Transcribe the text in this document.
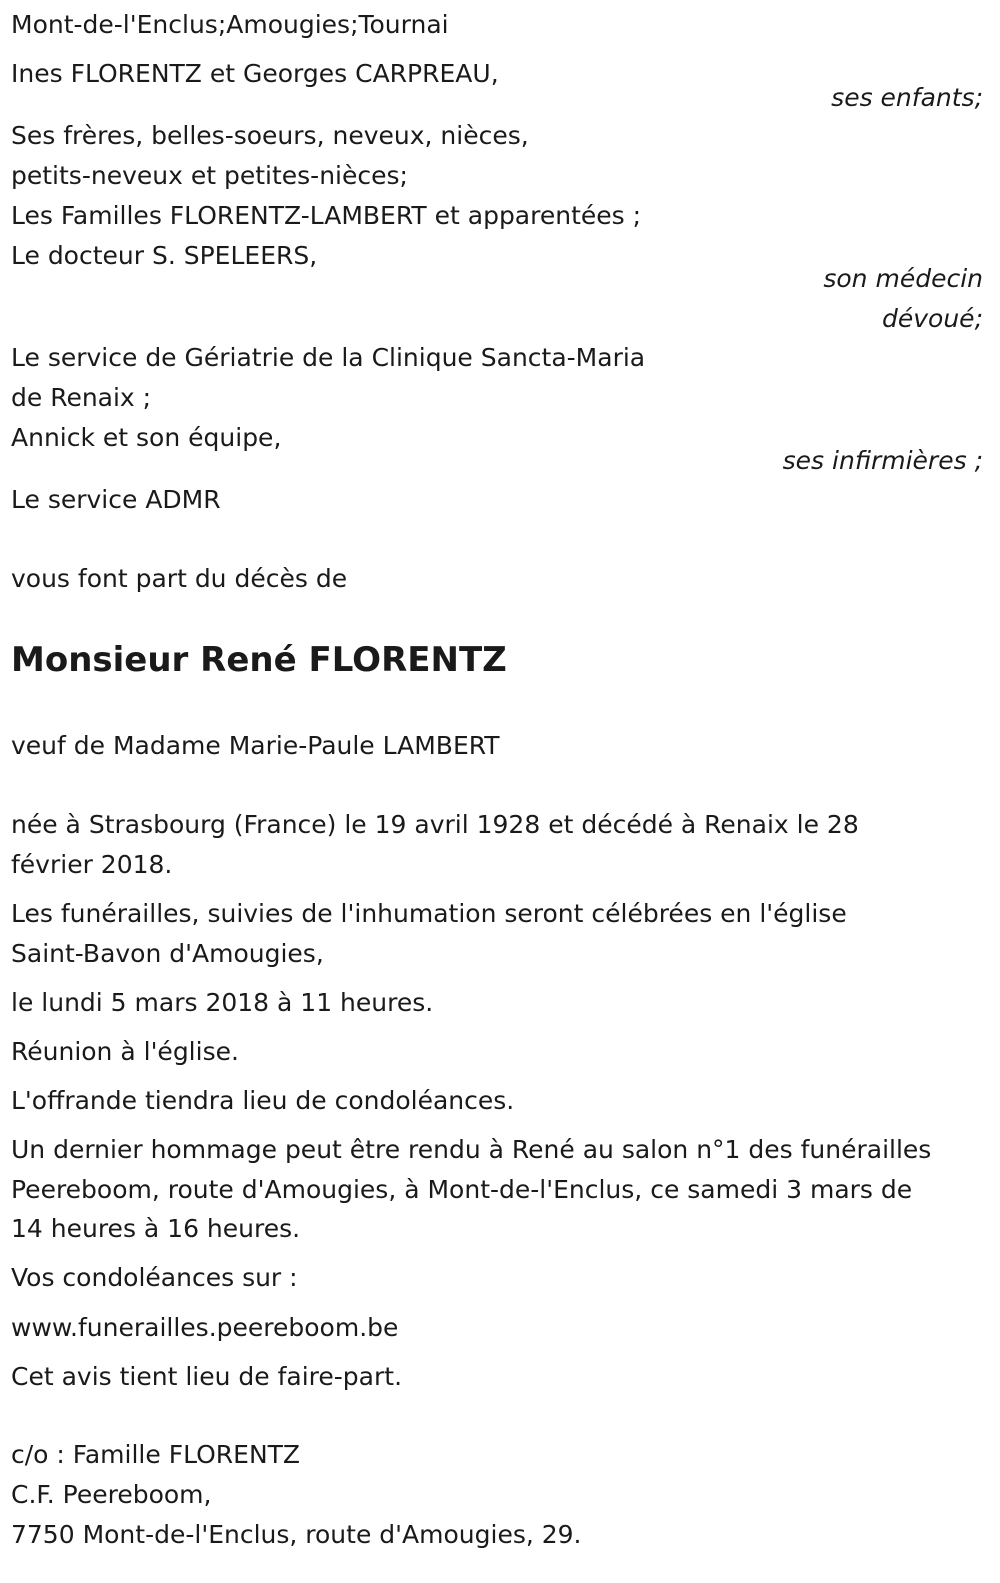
Mont-de-l'Enclus;Amougies;Tournai
Ines FLORENTZ et Georges CARPREAU,
ses enfants;
Ses frères, belles-soeurs, neveux, nièces,
petits-neveux et petites-nièces;
Les Familles FLORENTZ-LAMBERT et apparentées ;
Le docteur S. SPELEERS,
son médecin
dévoué;
Le service de Gériatrie de la Clinique Sancta-Maria
de Renaix ;
Annick et son équipe,
ses infirmières ;
Le service ADMR
vous font part du décès de
Monsieur René FLORENTZ
veuf de Madame Marie-Paule LAMBERT
née à Strasbourg (France) le 19 avril 1928 et décédé à Renaix le 28
février 2018.
Les funérailles, suivies de l'inhumation seront célébrées en l'église
Saint-Bavon d'Amougies,
le lundi 5 mars 2018 à 11 heures.
Réunion à l'église.
L'offrande tiendra lieu de condoléances.
Un dernier hommage peut être rendu à René au salon n°1 des funérailles
Peereboom, route d'Amougies, à Mont-de-l'Enclus, ce samedi 3 mars de
14 heures à 16 heures.
Vos condoléances sur :
www.funerailles.peereboom.be
Cet avis tient lieu de faire-part.
c/o : Famille FLORENTZ
C.F. Peereboom,
7750 Mont-de-l'Enclus, route d'Amougies, 29.
